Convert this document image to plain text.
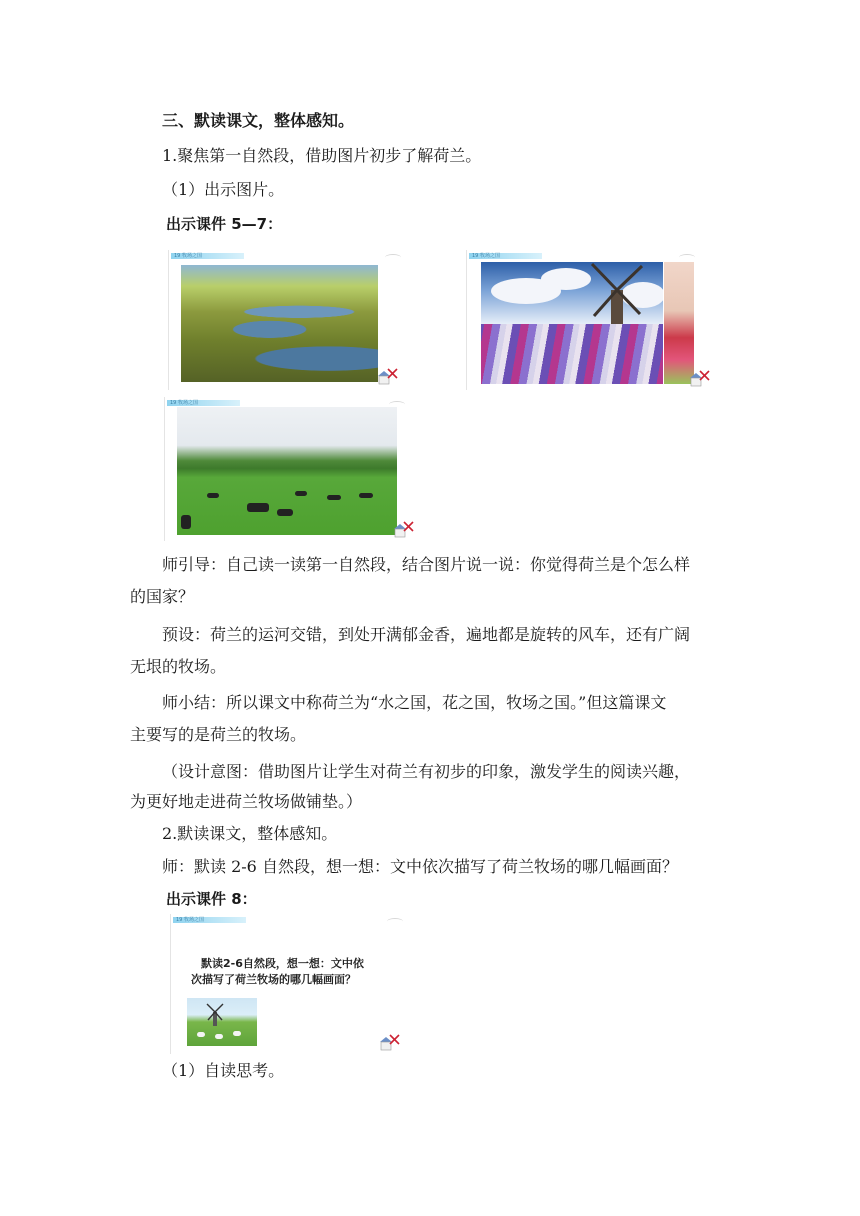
三、默读课文，整体感知。
1.聚焦第一自然段，借助图片初步了解荷兰。
（1）出示图片。
出示课件 5—7：
19 牧场之国	19 牧场之国
19 牧场之国
师引导：自己读一读第一自然段，结合图片说一说：你觉得荷兰是个怎么样
的国家？
预设：荷兰的运河交错，到处开满郁金香，遍地都是旋转的风车，还有广阔
无垠的牧场。
师小结：所以课文中称荷兰为“水之国，花之国，牧场之国。”但这篇课文
主要写的是荷兰的牧场。
（设计意图：借助图片让学生对荷兰有初步的印象，激发学生的阅读兴趣，
为更好地走进荷兰牧场做铺垫。）
2.默读课文，整体感知。
师：默读 2-6 自然段，想一想：文中依次描写了荷兰牧场的哪几幅画面？
出示课件 8：
19 牧场之国
默读2-6自然段，想一想：文中依
次描写了荷兰牧场的哪几幅画面？
（1）自读思考。
